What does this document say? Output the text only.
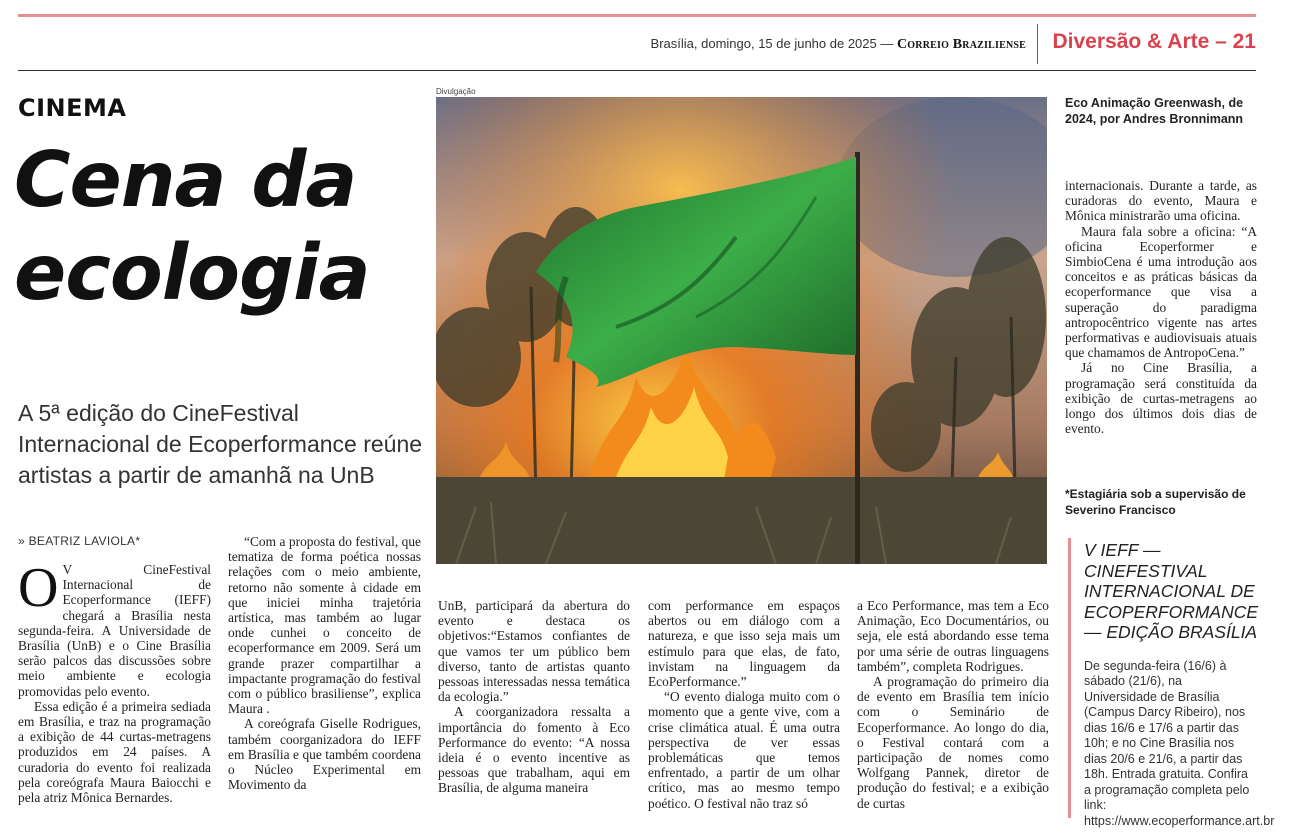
Brasília, domingo, 15 de junho de 2025 — Correio Braziliense Diversão & Arte – 21
CINEMA
Cena da
ecologia
A 5ª edição do CineFestival Internacional de Ecoperformance reúne artistas a partir de amanhã na UnB
» BEATRIZ LAVIOLA*

O V CineFestival Internacional de Ecoperformance (IEFF) chegará a Brasília nesta segunda-feira. A Universidade de Brasília (UnB) e o Cine Brasília serão palcos das discussões sobre meio ambiente e ecologia promovidas pelo evento.

Essa edição é a primeira sediada em Brasília, e traz na programação a exibição de 44 curtas-metragens produzidos em 24 países. A curadoria do evento foi realizada pela coreógrafa Maura Baiocchi e pela atriz Mônica Bernardes.

“Com a proposta do festival, que tematiza de forma poética nossas relações com o meio ambiente, retorno não somente à cidade em que iniciei minha trajetória artística, mas também ao lugar onde cunhei o conceito de ecoperformance em 2009. Será um grande prazer compartilhar a impactante programação do festival com o público brasiliense”, explica Maura .

A coreógrafa Giselle Rodrigues, também coorganizadora do IEFF em Brasília e que também coordena o Núcleo Experimental em Movimento da

Divulgação
Eco Animação Greenwash, de 2024, por Andres Bronnimann

UnB, participará da abertura do evento e destaca os objetivos:“Estamos confiantes de que vamos ter um público bem diverso, tanto de artistas quanto pessoas interessadas nessa temática da ecologia.”

A coorganizadora ressalta a importância do fomento à Eco Performance do evento: “A nossa ideia é o evento incentive as pessoas que trabalham, aqui em Brasília, de alguma maneira

com performance em espaços abertos ou em diálogo com a natureza, e que isso seja mais um estímulo para que elas, de fato, invistam na linguagem da EcoPerformance.”

“O evento dialoga muito com o momento que a gente vive, com a crise climática atual. É uma outra perspectiva de ver essas problemáticas que temos enfrentado, a partir de um olhar crítico, mas ao mesmo tempo poético. O festival não traz só

a Eco Performance, mas tem a Eco Animação, Eco Documentários, ou seja, ele está abordando esse tema por uma série de outras linguagens também”, completa Rodrigues.

A programação do primeiro dia de evento em Brasília tem início com o Seminário de Ecoperformance. Ao longo do dia, o Festival contará com a participação de nomes como Wolfgang Pannek, diretor de produção do festival; e a exibição de curtas

internacionais. Durante a tarde, as curadoras do evento, Maura e Mônica ministrarão uma oficina.

Maura fala sobre a oficina: “A oficina Ecoperformer e SimbioCena é uma introdução aos conceitos e as práticas básicas da ecoperformance que visa a superação do paradigma antropocêntrico vigente nas artes performativas e audiovisuais atuais que chamamos de AntropoCena.”

Já no Cine Brasília, a programação será constituída da exibição de curtas-metragens ao longo dos últimos dois dias de evento.

*Estagiária sob a supervisão de Severino Francisco
V IEFF — CINEFESTIVAL INTERNACIONAL DE ECOPERFORMANCE — EDIÇÃO BRASÍLIA
De segunda-feira (16/6) à sábado (21/6), na Universidade de Brasília (Campus Darcy Ribeiro), nos dias 16/6 e 17/6 a partir das 10h; e no Cine Brasília nos dias 20/6 e 21/6, a partir das 18h. Entrada gratuita. Confira a programação completa pelo link: https://www.ecoperformance.art.br
